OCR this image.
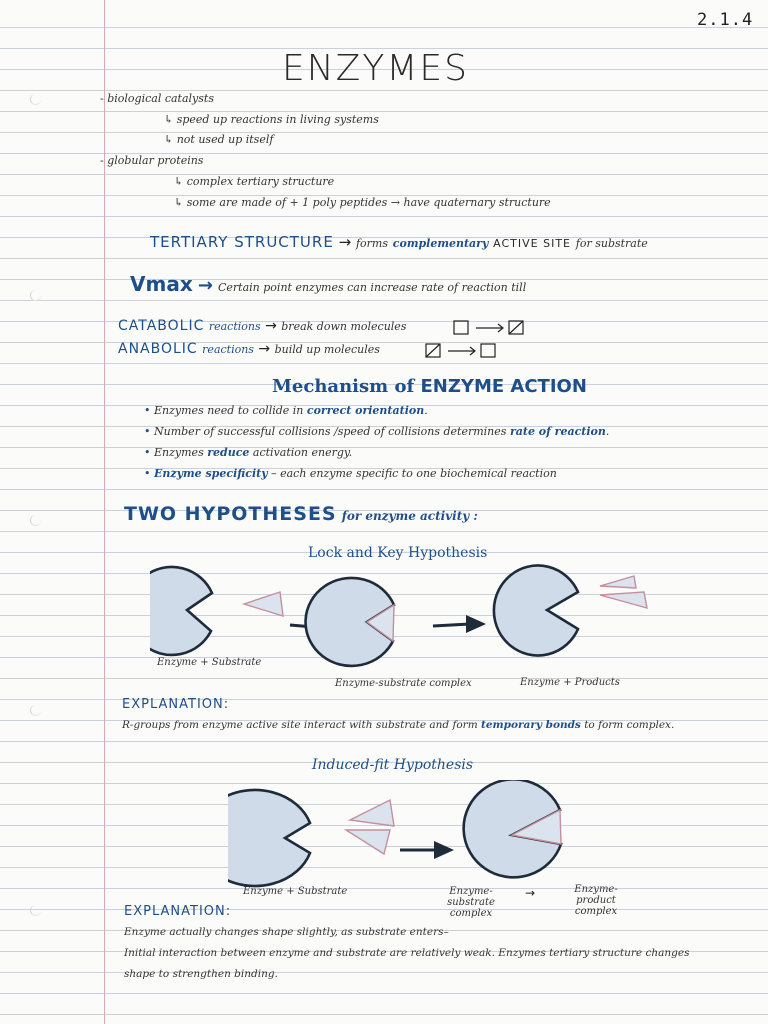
2.1.4
ENZYMES
- biological catalysts
↳ speed up reactions in living systems
↳ not used up itself
- globular proteins
↳ complex tertiary structure
↳ some are made of + 1 poly peptides → have quaternary structure
TERTIARY STRUCTURE → forms complementary ACTIVE SITE for substrate
Vmax → Certain point enzymes can increase rate of reaction till
CATABOLIC reactions → break down molecules
ANABOLIC reactions → build up molecules
Mechanism of ENZYME ACTION
• Enzymes need to collide in correct orientation.
• Number of successful collisions /speed of collisions determines rate of reaction.
• Enzymes reduce activation energy.
• Enzyme specificity – each enzyme specific to one biochemical reaction
TWO HYPOTHESES for enzyme activity :
Lock and Key Hypothesis
Enzyme + Substrate
Enzyme-substrate complex	Enzyme + Products
EXPLANATION:
R-groups from enzyme active site interact with substrate and form temporary bonds to form complex.
Induced-fit Hypothesis
Enzyme + Substrate	Enzyme-substrate complex
→	Enzyme-product complex
EXPLANATION:
Enzyme actually changes shape slightly, as substrate enters–
Initial interaction between enzyme and substrate are relatively weak. Enzymes tertiary structure changes
shape to strengthen binding.
